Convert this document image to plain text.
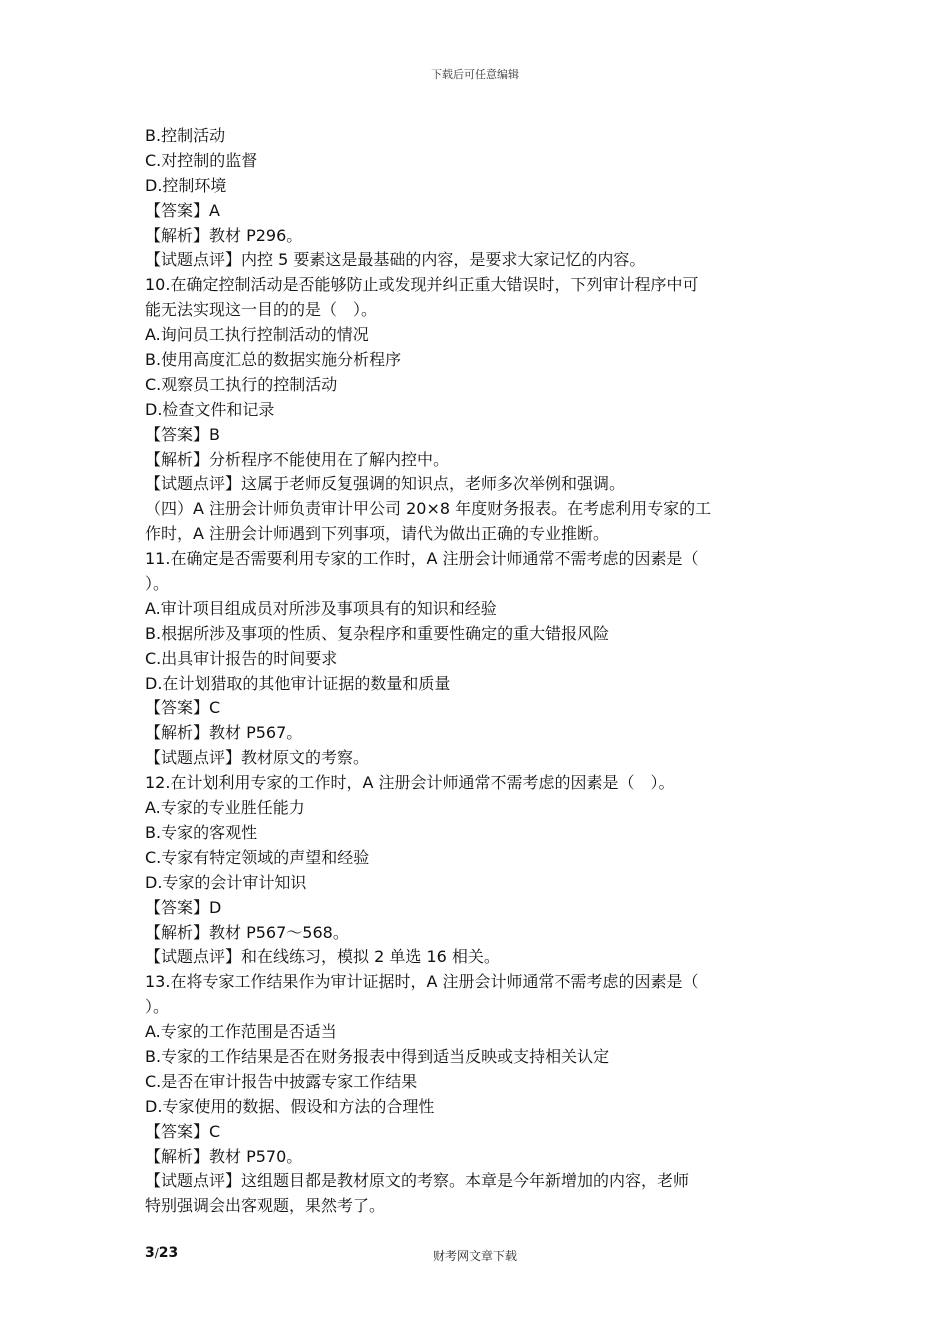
下载后可任意编辑
B.控制活动
C.对控制的监督
D.控制环境
【答案】A
【解析】教材 P296。
【试题点评】内控 5 要素这是最基础的内容，是要求大家记忆的内容。
10.在确定控制活动是否能够防止或发现并纠正重大错误时，下列审计程序中可
能无法实现这一目的的是（　）。
A.询问员工执行控制活动的情况
B.使用高度汇总的数据实施分析程序
C.观察员工执行的控制活动
D.检查文件和记录
【答案】B
【解析】分析程序不能使用在了解内控中。
【试题点评】这属于老师反复强调的知识点，老师多次举例和强调。
（四）A 注册会计师负责审计甲公司 20×8 年度财务报表。在考虑利用专家的工
作时，A 注册会计师遇到下列事项，请代为做出正确的专业推断。
11.在确定是否需要利用专家的工作时，A 注册会计师通常不需考虑的因素是（
）。
A.审计项目组成员对所涉及事项具有的知识和经验
B.根据所涉及事项的性质、复杂程序和重要性确定的重大错报风险
C.出具审计报告的时间要求
D.在计划猎取的其他审计证据的数量和质量
【答案】C
【解析】教材 P567。
【试题点评】教材原文的考察。
12.在计划利用专家的工作时，A 注册会计师通常不需考虑的因素是（　）。
A.专家的专业胜任能力
B.专家的客观性
C.专家有特定领域的声望和经验
D.专家的会计审计知识
【答案】D
【解析】教材 P567～568。
【试题点评】和在线练习，模拟 2 单选 16 相关。
13.在将专家工作结果作为审计证据时，A 注册会计师通常不需考虑的因素是（
）。
A.专家的工作范围是否适当
B.专家的工作结果是否在财务报表中得到适当反映或支持相关认定
C.是否在审计报告中披露专家工作结果
D.专家使用的数据、假设和方法的合理性
【答案】C
【解析】教材 P570。
【试题点评】这组题目都是教材原文的考察。本章是今年新增加的内容，老师
特别强调会出客观题，果然考了。
3/23	财考网文章下载
